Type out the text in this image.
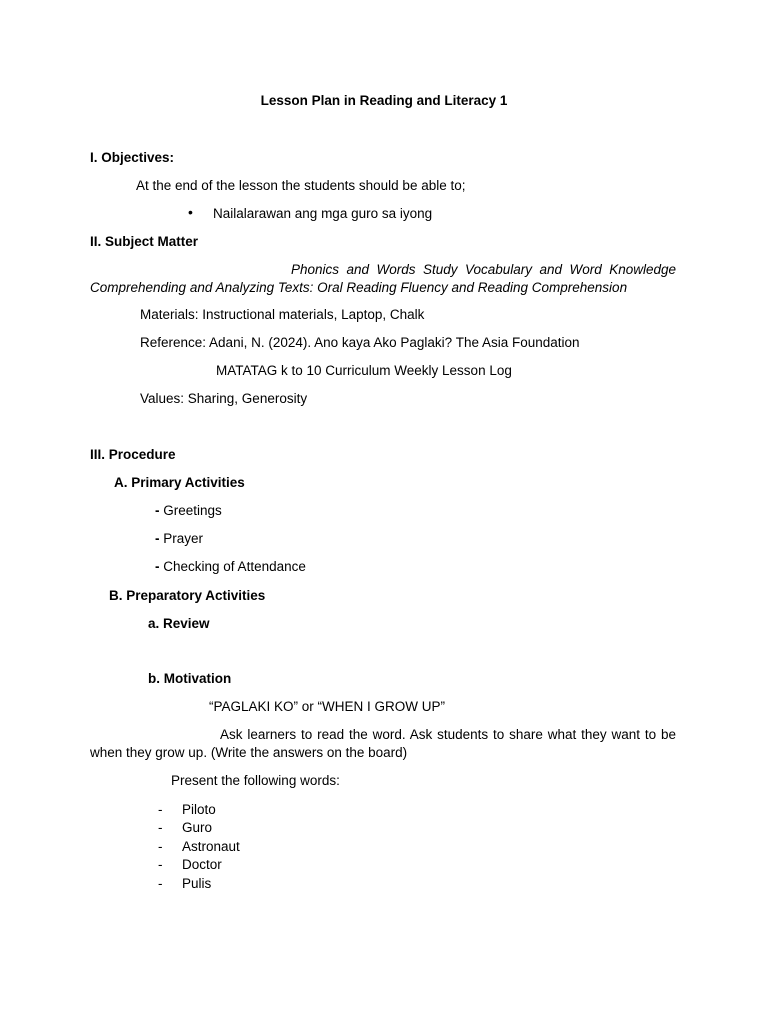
Lesson Plan in Reading and Literacy 1
I. Objectives:
At the end of the lesson the students should be able to;
• Nailalarawan ang mga guro sa iyong
II. Subject Matter
Phonics and Words Study Vocabulary and Word Knowledge Comprehending and Analyzing Texts: Oral Reading Fluency and Reading Comprehension
Materials: Instructional materials, Laptop, Chalk
Reference: Adani, N. (2024). Ano kaya Ako Paglaki? The Asia Foundation
MATATAG k to 10 Curriculum Weekly Lesson Log
Values: Sharing, Generosity
III. Procedure
A. Primary Activities
- Greetings
- Prayer
- Checking of Attendance
B. Preparatory Activities
a. Review
b. Motivation
“PAGLAKI KO” or “WHEN I GROW UP”
Ask learners to read the word. Ask students to share what they want to be when they grow up. (Write the answers on the board)
Present the following words:
- Piloto
- Guro
- Astronaut
- Doctor
- Pulis
